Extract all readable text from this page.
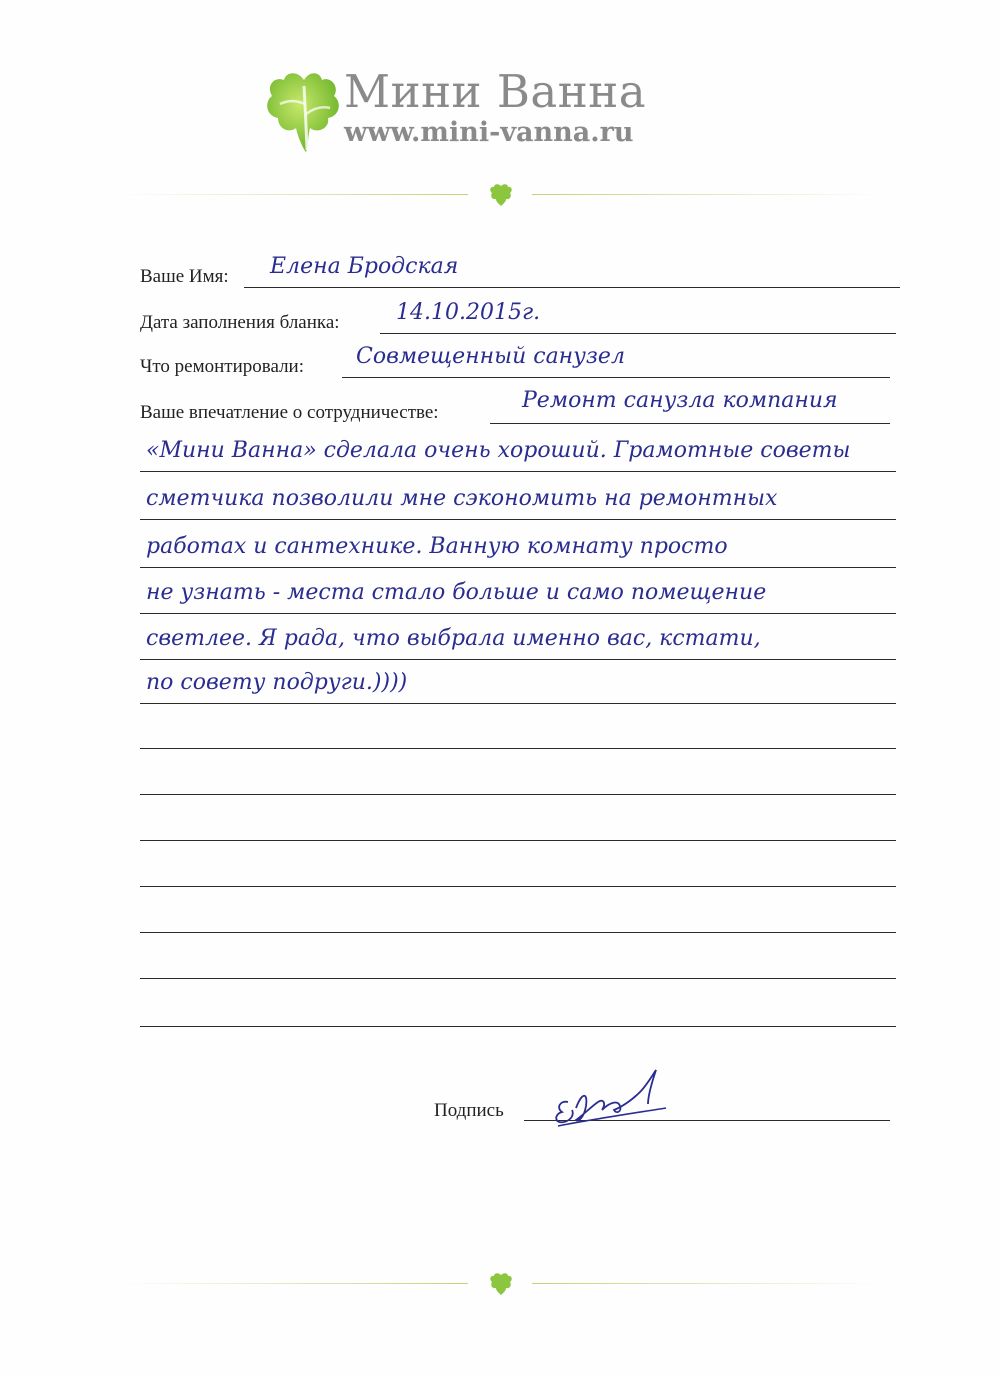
Мини Ванна
www.mini-vanna.ru
Ваше Имя: Елена Бродская
Дата заполнения бланка:	14.10.2015г.
Что ремонтировали: Совмещенный санузел
Ваше впечатление о сотрудничестве:	Ремонт санузла компания
«Мини Ванна» сделала очень хороший. Грамотные советы
сметчика позволили мне сэкономить на ремонтных
работах и сантехнике. Ванную комнату просто
не узнать - места стало больше и само помещение
светлее. Я рада, что выбрала именно вас, кстати,
по совету подруги.))))
Подпись
